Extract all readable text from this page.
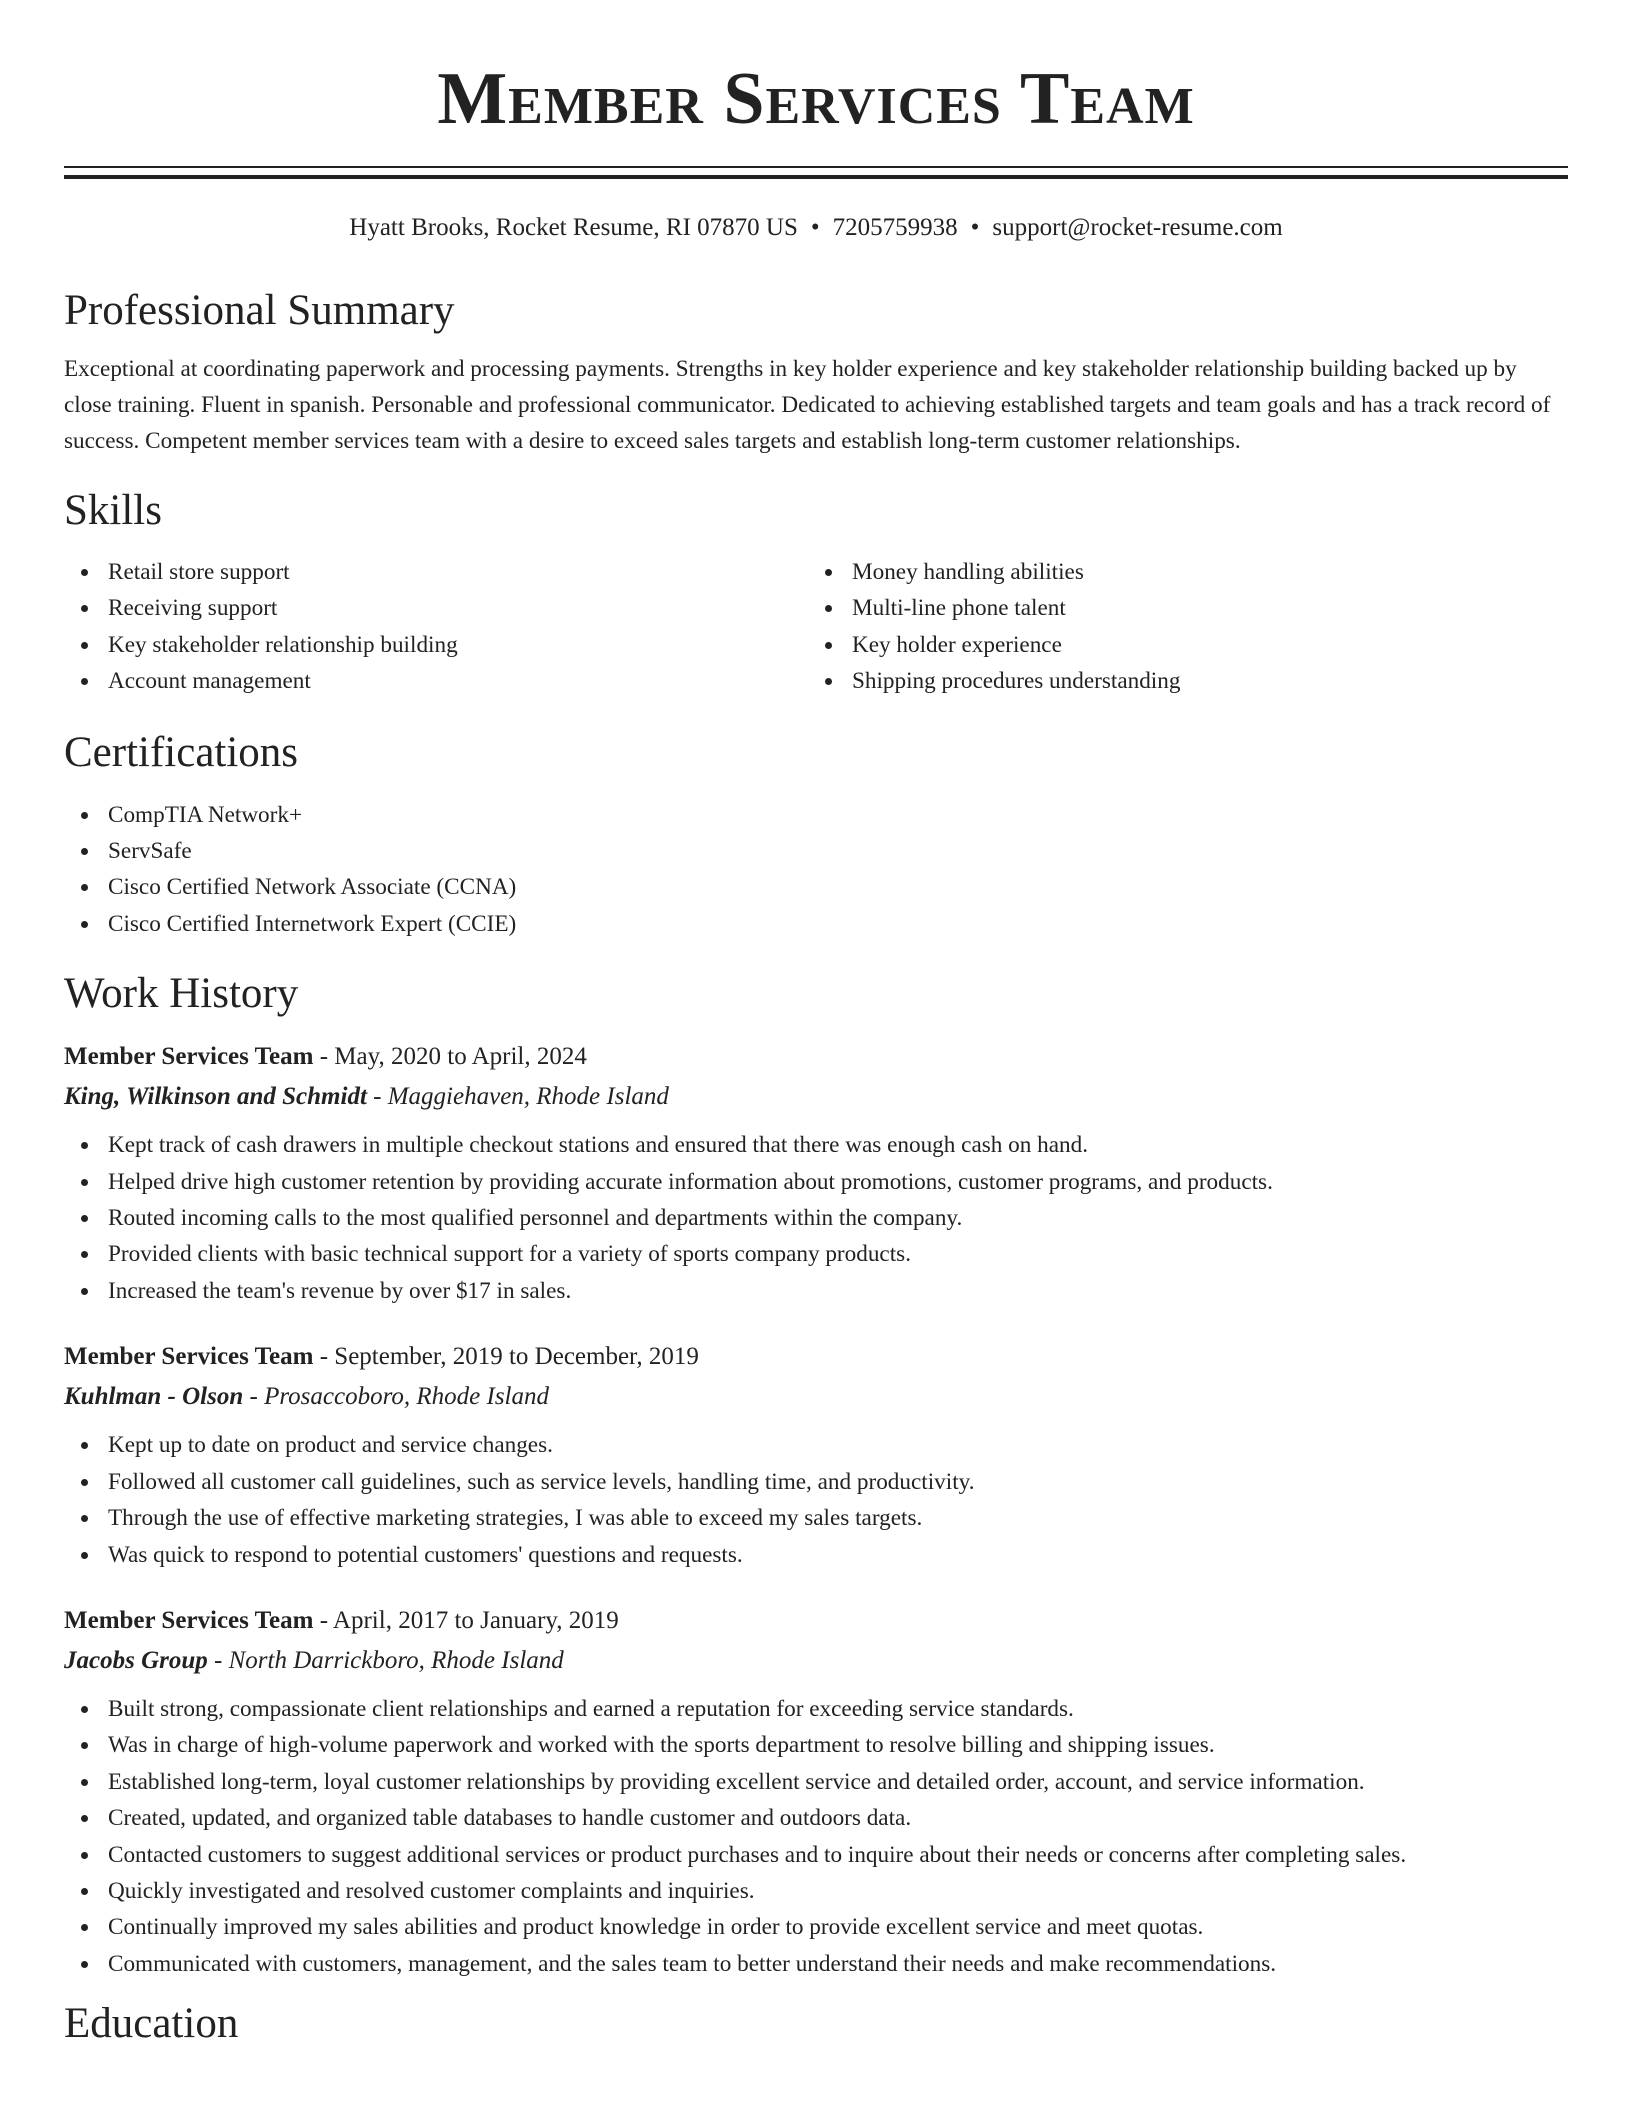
Member Services Team
Hyatt Brooks, Rocket Resume, RI 07870 US • 7205759938 • support@rocket-resume.com
Professional Summary

Exceptional at coordinating paperwork and processing payments. Strengths in key holder experience and key stakeholder relationship building backed up by close training. Fluent in spanish. Personable and professional communicator. Dedicated to achieving established targets and team goals and has a track record of success. Competent member services team with a desire to exceed sales targets and establish long-term customer relationships.

Skills
Retail store support
Receiving support
Key stakeholder relationship building
Account management
Money handling abilities
Multi-line phone talent
Key holder experience
Shipping procedures understanding
Certifications
CompTIA Network+
ServSafe
Cisco Certified Network Associate (CCNA)
Cisco Certified Internetwork Expert (CCIE)
Work History
Member Services Team - May, 2020 to April, 2024
King, Wilkinson and Schmidt - Maggiehaven, Rhode Island
Kept track of cash drawers in multiple checkout stations and ensured that there was enough cash on hand.
Helped drive high customer retention by providing accurate information about promotions, customer programs, and products.
Routed incoming calls to the most qualified personnel and departments within the company.
Provided clients with basic technical support for a variety of sports company products.
Increased the team's revenue by over $17 in sales.
Member Services Team - September, 2019 to December, 2019
Kuhlman - Olson - Prosaccoboro, Rhode Island
Kept up to date on product and service changes.
Followed all customer call guidelines, such as service levels, handling time, and productivity.
Through the use of effective marketing strategies, I was able to exceed my sales targets.
Was quick to respond to potential customers' questions and requests.
Member Services Team - April, 2017 to January, 2019
Jacobs Group - North Darrickboro, Rhode Island
Built strong, compassionate client relationships and earned a reputation for exceeding service standards.
Was in charge of high-volume paperwork and worked with the sports department to resolve billing and shipping issues.
Established long-term, loyal customer relationships by providing excellent service and detailed order, account, and service information.
Created, updated, and organized table databases to handle customer and outdoors data.
Contacted customers to suggest additional services or product purchases and to inquire about their needs or concerns after completing sales.
Quickly investigated and resolved customer complaints and inquiries.
Continually improved my sales abilities and product knowledge in order to provide excellent service and meet quotas.
Communicated with customers, management, and the sales team to better understand their needs and make recommendations.
Education
